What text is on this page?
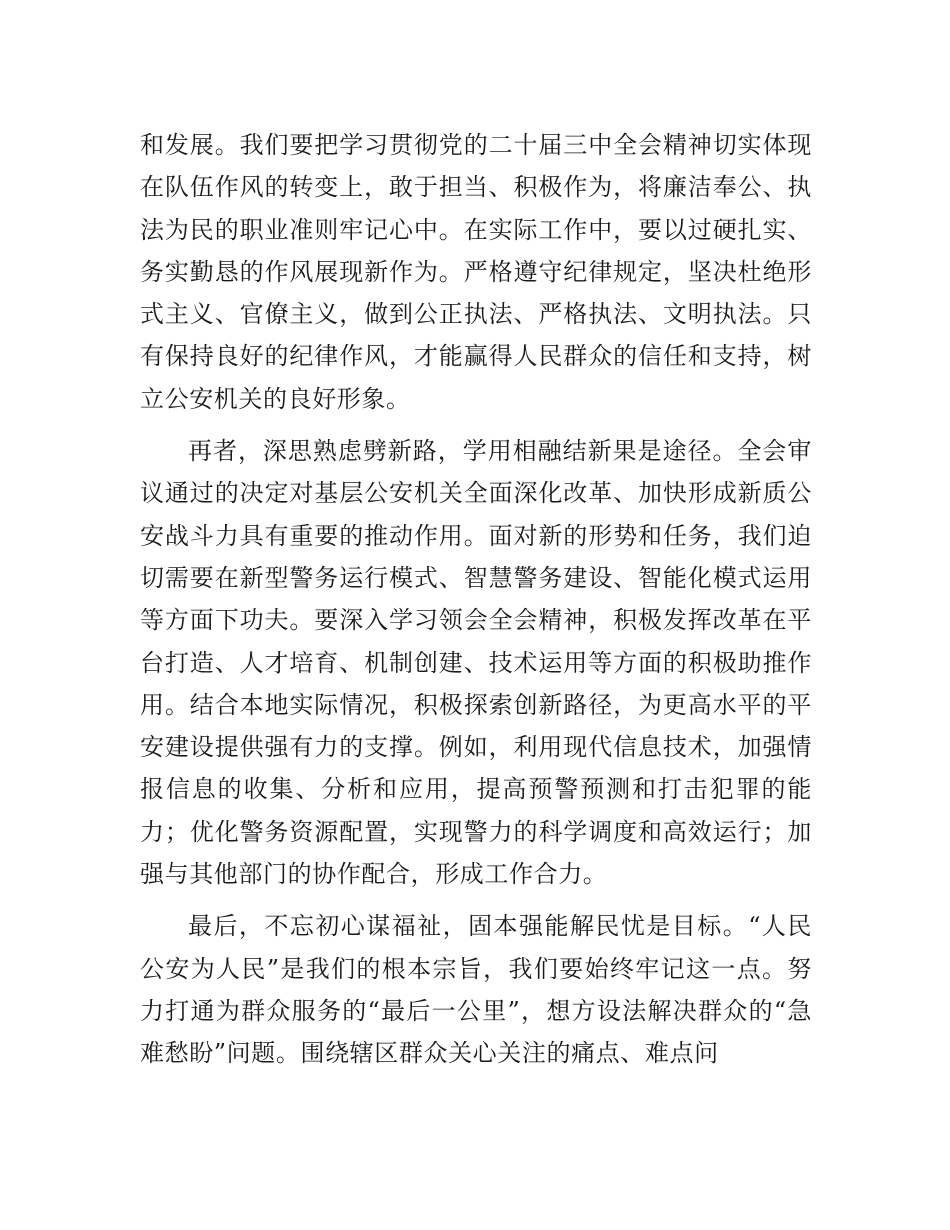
和发展。我们要把学习贯彻党的二十届三中全会精神切实体现在队伍作风的转变上，敢于担当、积极作为，将廉洁奉公、执法为民的职业准则牢记心中。在实际工作中，要以过硬扎实、务实勤恳的作风展现新作为。严格遵守纪律规定，坚决杜绝形式主义、官僚主义，做到公正执法、严格执法、文明执法。只有保持良好的纪律作风，才能赢得人民群众的信任和支持，树立公安机关的良好形象。

再者，深思熟虑劈新路，学用相融结新果是途径。全会审议通过的决定对基层公安机关全面深化改革、加快形成新质公安战斗力具有重要的推动作用。面对新的形势和任务，我们迫切需要在新型警务运行模式、智慧警务建设、智能化模式运用等方面下功夫。要深入学习领会全会精神，积极发挥改革在平台打造、人才培育、机制创建、技术运用等方面的积极助推作用。结合本地实际情况，积极探索创新路径，为更高水平的平安建设提供强有力的支撑。例如，利用现代信息技术，加强情报信息的收集、分析和应用，提高预警预测和打击犯罪的能力；优化警务资源配置，实现警力的科学调度和高效运行；加强与其他部门的协作配合，形成工作合力。

最后，不忘初心谋福祉，固本强能解民忧是目标。“人民公安为人民”是我们的根本宗旨，我们要始终牢记这一点。努力打通为群众服务的“最后一公里”，想方设法解决群众的“急难愁盼”问题。围绕辖区群众关心关注的痛点、难点问
